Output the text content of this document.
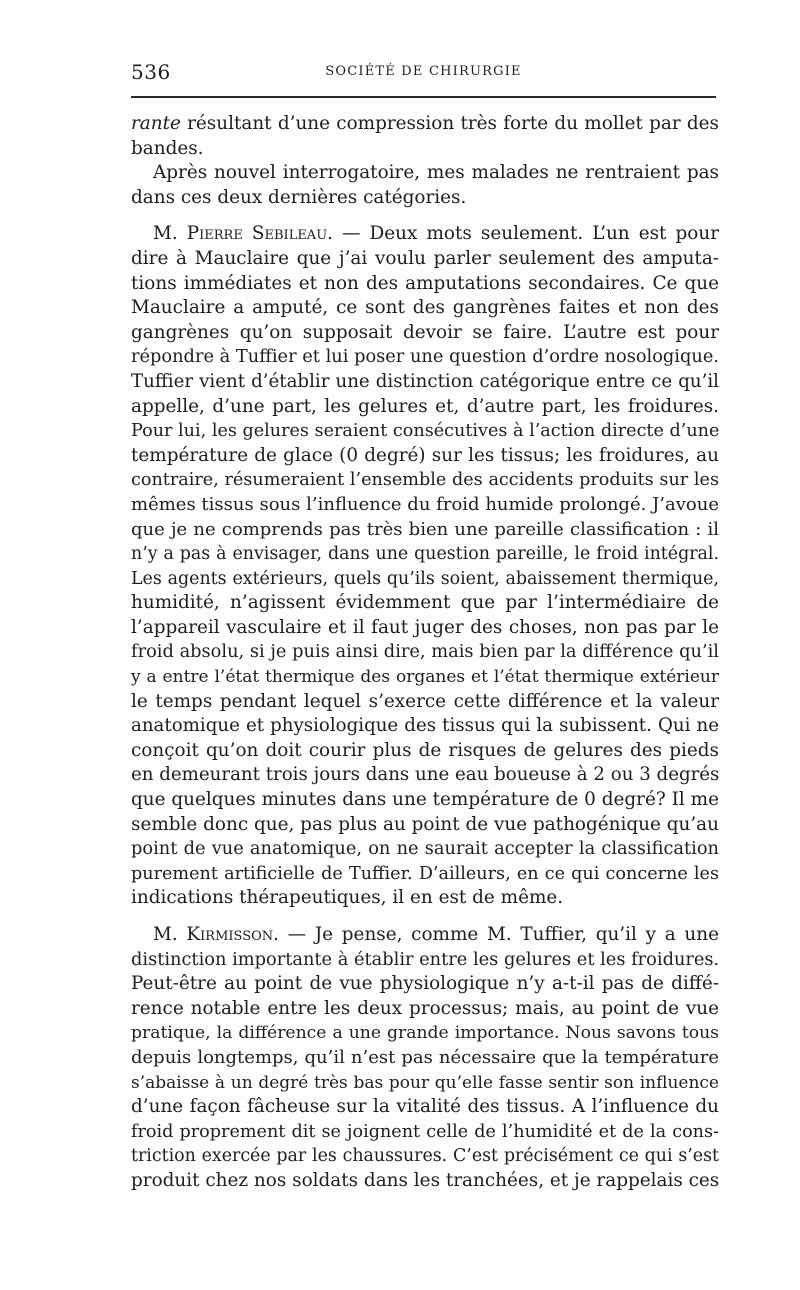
536	SOCIÉTÉ DE CHIRURGIE
rante résultant d’une compression très forte du mollet par des
bandes.
Après nouvel interrogatoire, mes malades ne rentraient pas
dans ces deux dernières catégories.
M. Pierre Sebileau. — Deux mots seulement. L’un est pour
dire à Mauclaire que j’ai voulu parler seulement des amputa-
tions immédiates et non des amputations secondaires. Ce que
Mauclaire a amputé, ce sont des gangrènes faites et non des
gangrènes qu’on supposait devoir se faire. L’autre est pour
répondre à Tuffier et lui poser une question d’ordre nosologique.
Tuffier vient d’établir une distinction catégorique entre ce qu’il
appelle, d’une part, les gelures et, d’autre part, les froidures.
Pour lui, les gelures seraient consécutives à l’action directe d’une
température de glace (0 degré) sur les tissus; les froidures, au
contraire, résumeraient l’ensemble des accidents produits sur les
mêmes tissus sous l’influence du froid humide prolongé. J’avoue
que je ne comprends pas très bien une pareille classification : il
n’y a pas à envisager, dans une question pareille, le froid intégral.
Les agents extérieurs, quels qu’ils soient, abaissement thermique,
humidité, n’agissent évidemment que par l’intermédiaire de
l’appareil vasculaire et il faut juger des choses, non pas par le
froid absolu, si je puis ainsi dire, mais bien par la différence qu’il
y a entre l’état thermique des organes et l’état thermique extérieur
le temps pendant lequel s’exerce cette différence et la valeur
anatomique et physiologique des tissus qui la subissent. Qui ne
conçoit qu’on doit courir plus de risques de gelures des pieds
en demeurant trois jours dans une eau boueuse à 2 ou 3 degrés
que quelques minutes dans une température de 0 degré? Il me
semble donc que, pas plus au point de vue pathogénique qu’au
point de vue anatomique, on ne saurait accepter la classification
purement artificielle de Tuffier. D’ailleurs, en ce qui concerne les
indications thérapeutiques, il en est de même.
M. Kirmisson. — Je pense, comme M. Tuffier, qu’il y a une
distinction importante à établir entre les gelures et les froidures.
Peut-être au point de vue physiologique n’y a-t-il pas de diffé-
rence notable entre les deux processus; mais, au point de vue
pratique, la différence a une grande importance. Nous savons tous
depuis longtemps, qu’il n’est pas nécessaire que la température
s’abaisse à un degré très bas pour qu’elle fasse sentir son influence
d’une façon fâcheuse sur la vitalité des tissus. A l’influence du
froid proprement dit se joignent celle de l’humidité et de la cons-
triction exercée par les chaussures. C’est précisément ce qui s’est
produit chez nos soldats dans les tranchées, et je rappelais ces
